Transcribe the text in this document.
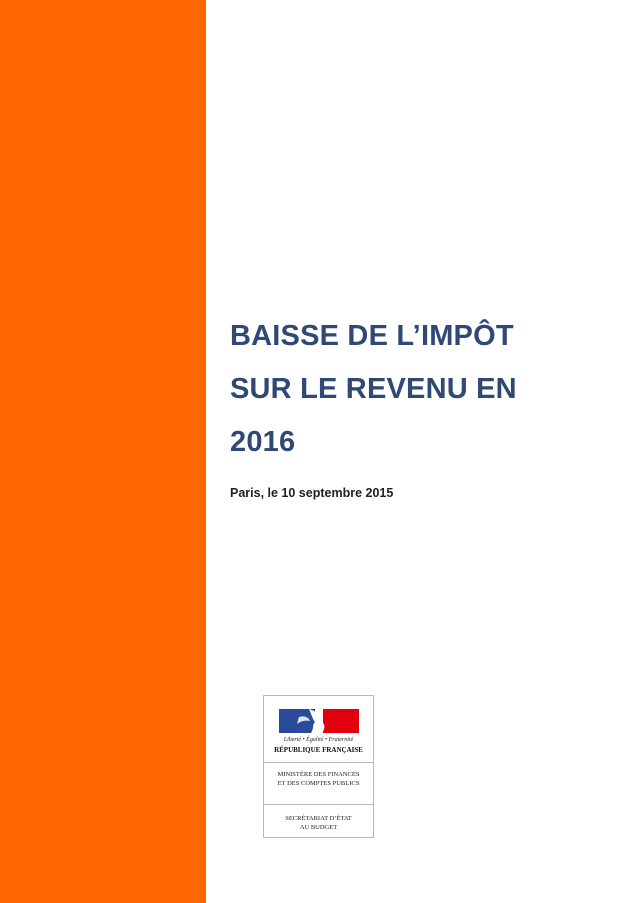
BAISSE DE L’IMPÔT
SUR LE REVENU EN
2016
Paris, le 10 septembre 2015
Liberté • Égalité • Fraternité
RÉPUBLIQUE FRANÇAISE
MINISTÈRE DES FINANCES
ET DES COMPTES PUBLICS
SECRÉTARIAT D’ÉTAT
AU BUDGET
